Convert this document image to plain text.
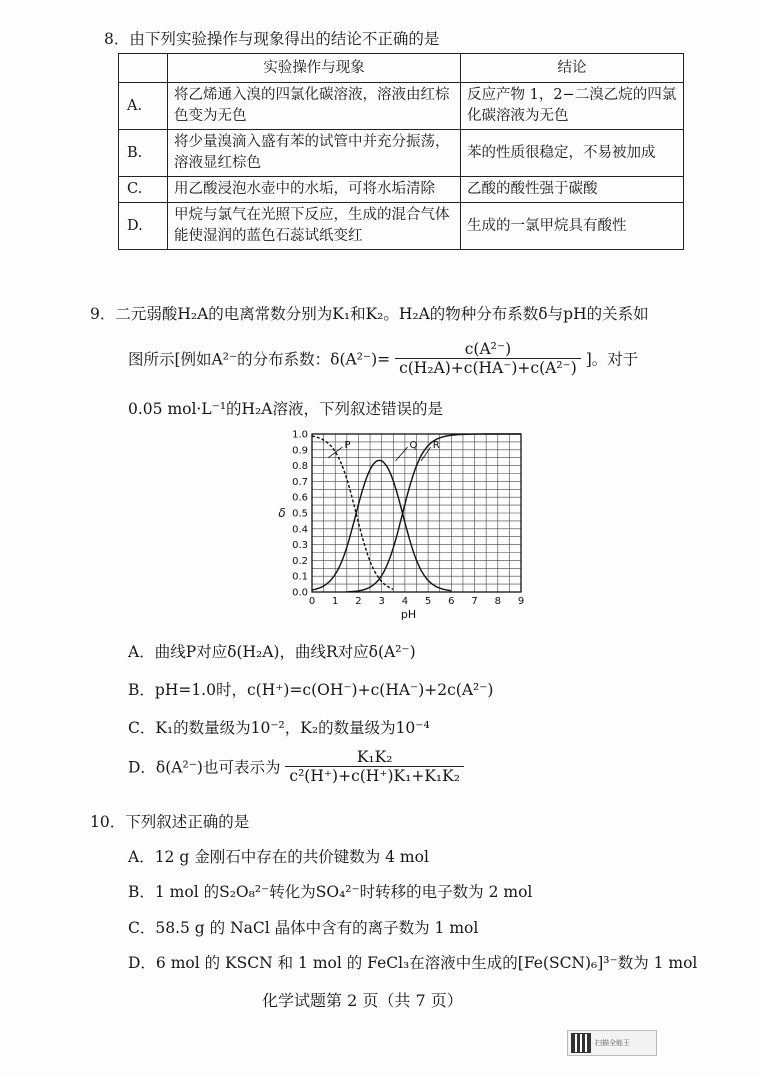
8．由下列实验操作与现象得出的结论不正确的是
	实验操作与现象	结论
A.	将乙烯通入溴的四氯化碳溶液，溶液由红棕色变为无色	反应产物 1，2−二溴乙烷的四氯化碳溶液为无色
B.	将少量溴滴入盛有苯的试管中并充分振荡，溶液显红棕色	苯的性质很稳定，不易被加成
C.	用乙酸浸泡水壶中的水垢，可将水垢清除	乙酸的酸性强于碳酸
D.	甲烷与氯气在光照下反应，生成的混合气体能使湿润的蓝色石蕊试纸变红	生成的一氯甲烷具有酸性
9．二元弱酸H₂A的电离常数分别为K₁和K₂。H₂A的物种分布系数δ与pH的关系如
图所示[例如A²⁻的分布系数：$\delta(A^{2-})= \frac{\text{c(A²⁻)}}{\text{c(H₂A)+c(HA⁻)+c(A²⁻)}}$ ]。对于
0.05 mol·L⁻¹的H₂A溶液，下列叙述错误的是
0 1 2 3 4 5 6 7 8 9
0.0
0.1
0.2
0.3
0.4
0.5
0.6
0.7
0.8
0.9
1.0
pH
δ
P	Q R
A．曲线P对应δ(H₂A)，曲线R对应δ(A²⁻)
B．pH=1.0时，c(H⁺)=c(OH⁻)+c(HA⁻)+2c(A²⁻)
C．K₁的数量级为10⁻²，K₂的数量级为10⁻⁴
D．δ(A²⁻)也可表示为 $\frac{\text{K₁K₂}}{\text{c²(H⁺)+c(H⁺)K₁+K₁K₂}}$
10．下列叙述正确的是
A．12 g 金刚石中存在的共价键数为 4 mol
B．1 mol 的S₂O₈²⁻转化为SO₄²⁻时转移的电子数为 2 mol
C．58.5 g 的 NaCl 晶体中含有的离子数为 1 mol
D．6 mol 的 KSCN 和 1 mol 的 FeCl₃在溶液中生成的[Fe(SCN)₆]³⁻数为 1 mol
化学试题第 2 页（共 7 页）
扫描全能王
